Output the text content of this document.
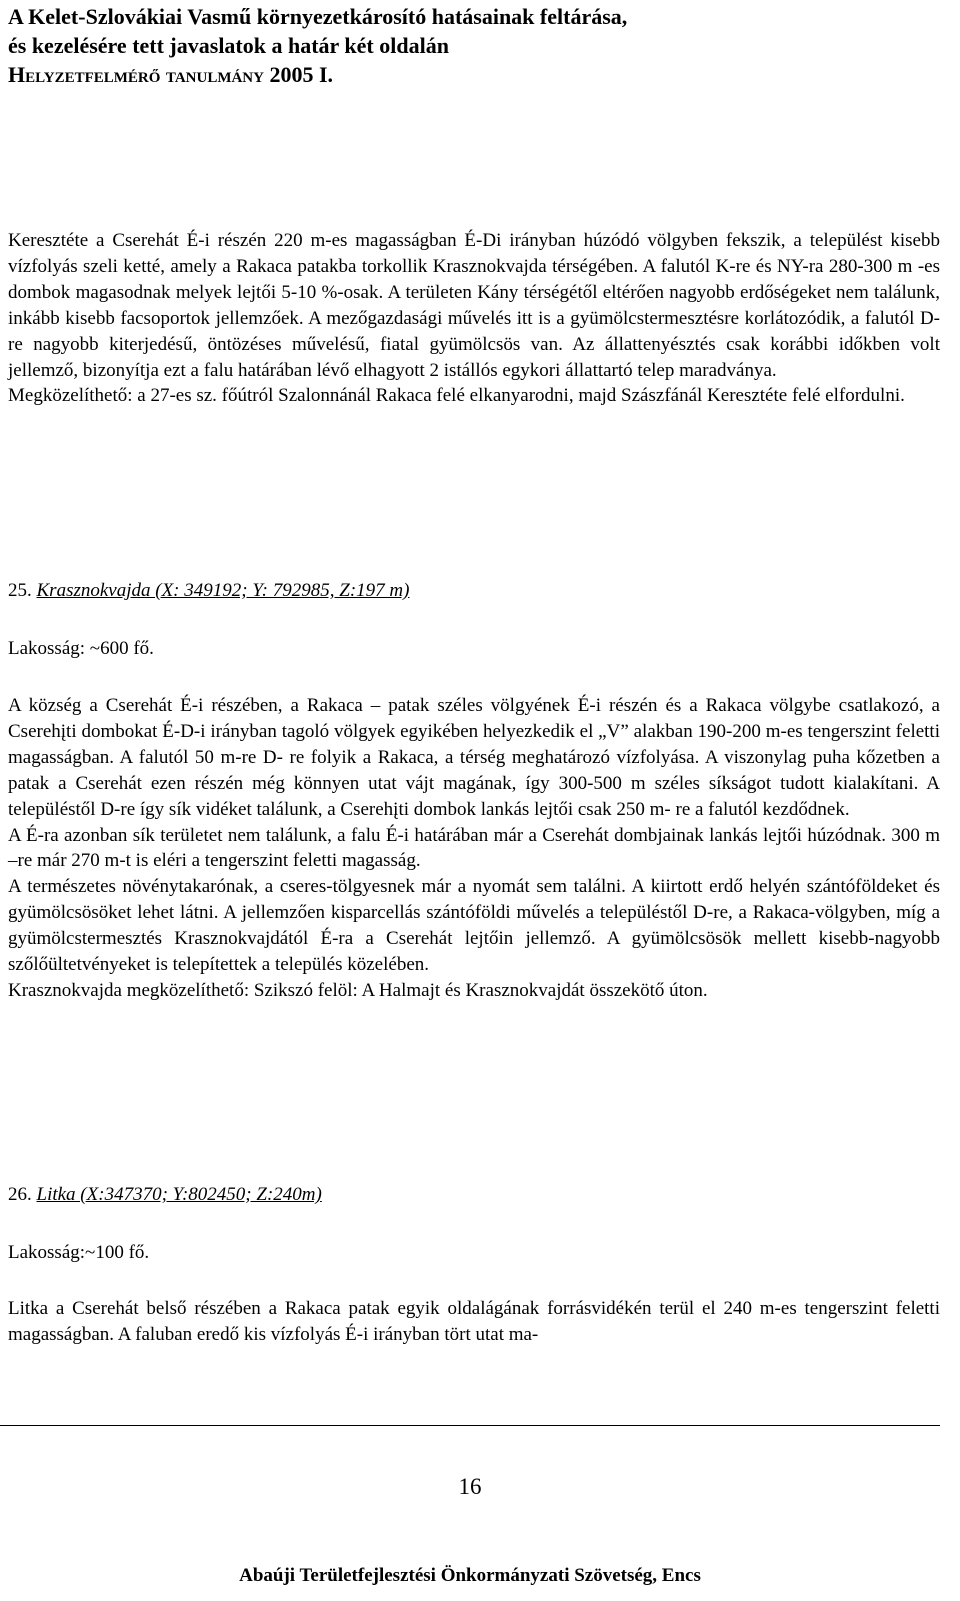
A Kelet-Szlovákiai Vasmű környezetkárosító hatásainak feltárása,
és kezelésére tett javaslatok a határ két oldalán
Helyzetfelmérő tanulmány 2005 I.

Keresztéte a Cserehát É-i részén 220 m-es magasságban É-Di irányban húzódó völgyben fekszik, a települést kisebb vízfolyás szeli ketté, amely a Rakaca patakba torkollik Krasznokvajda térségében. A falutól K-re és NY-ra 280-300 m -es dombok magasodnak melyek lejtői 5-10 %-osak. A területen Kány térségétől eltérően nagyobb erdőségeket nem találunk, inkább kisebb facsoportok jellemzőek. A mezőgazdasági művelés itt is a gyümölcstermesztésre korlátozódik, a falutól D-re nagyobb kiterjedésű, öntözéses művelésű, fiatal gyümölcsös van. Az állattenyésztés csak korábbi időkben volt jellemző, bizonyítja ezt a falu határában lévő elhagyott 2 istállós egykori állattartó telep maradványa.

Megközelíthető: a 27-es sz. főútról Szalonnánál Rakaca felé elkanyarodni, majd Szászfánál Keresztéte felé elfordulni.

25. Krasznokvajda (X: 349192; Y: 792985, Z:197 m)
Lakosság: ~600 fő.

A község a Cserehát É-i részében, a Rakaca – patak széles völgyének É-i részén és a Rakaca völgybe csatlakozó, a Cserehįti dombokat É-D-i irányban tagoló völgyek egyikében helyezkedik el „V” alakban 190-200 m-es tengerszint feletti magasságban. A falutól 50 m-re D- re folyik a Rakaca, a térség meghatározó vízfolyása. A viszonylag puha kőzetben a patak a Cserehát ezen részén még könnyen utat vájt magának, így 300-500 m széles síkságot tudott kialakítani. A településtől D-re így sík vidéket találunk, a Cserehįti dombok lankás lejtői csak 250 m- re a falutól kezdődnek.

A É-ra azonban sík területet nem találunk, a falu É-i határában már a Cserehát dombjainak lankás lejtői húzódnak. 300 m –re már 270 m-t is eléri a tengerszint feletti magasság.

A természetes növénytakarónak, a cseres-tölgyesnek már a nyomát sem találni. A kiirtott erdő helyén szántóföldeket és gyümölcsösöket lehet látni. A jellemzően kisparcellás szántóföldi művelés a településtől D-re, a Rakaca-völgyben, míg a gyümölcstermesztés Krasznokvajdától É-ra a Cserehát lejtőin jellemző. A gyümölcsösök mellett kisebb-nagyobb szőlőültetvényeket is telepítettek a település közelében.

Krasznokvajda megközelíthető: Szikszó felöl: A Halmajt és Krasznokvajdát összekötő úton.

26. Litka (X:347370; Y:802450; Z:240m)
Lakosság:~100 fő.

Litka a Cserehát belső részében a Rakaca patak egyik oldalágának forrásvidékén terül el 240 m-es tengerszint feletti magasságban. A faluban eredő kis vízfolyás É-i irányban tört utat ma-

16
Abaúji Területfejlesztési Önkormányzati Szövetség, Encs
